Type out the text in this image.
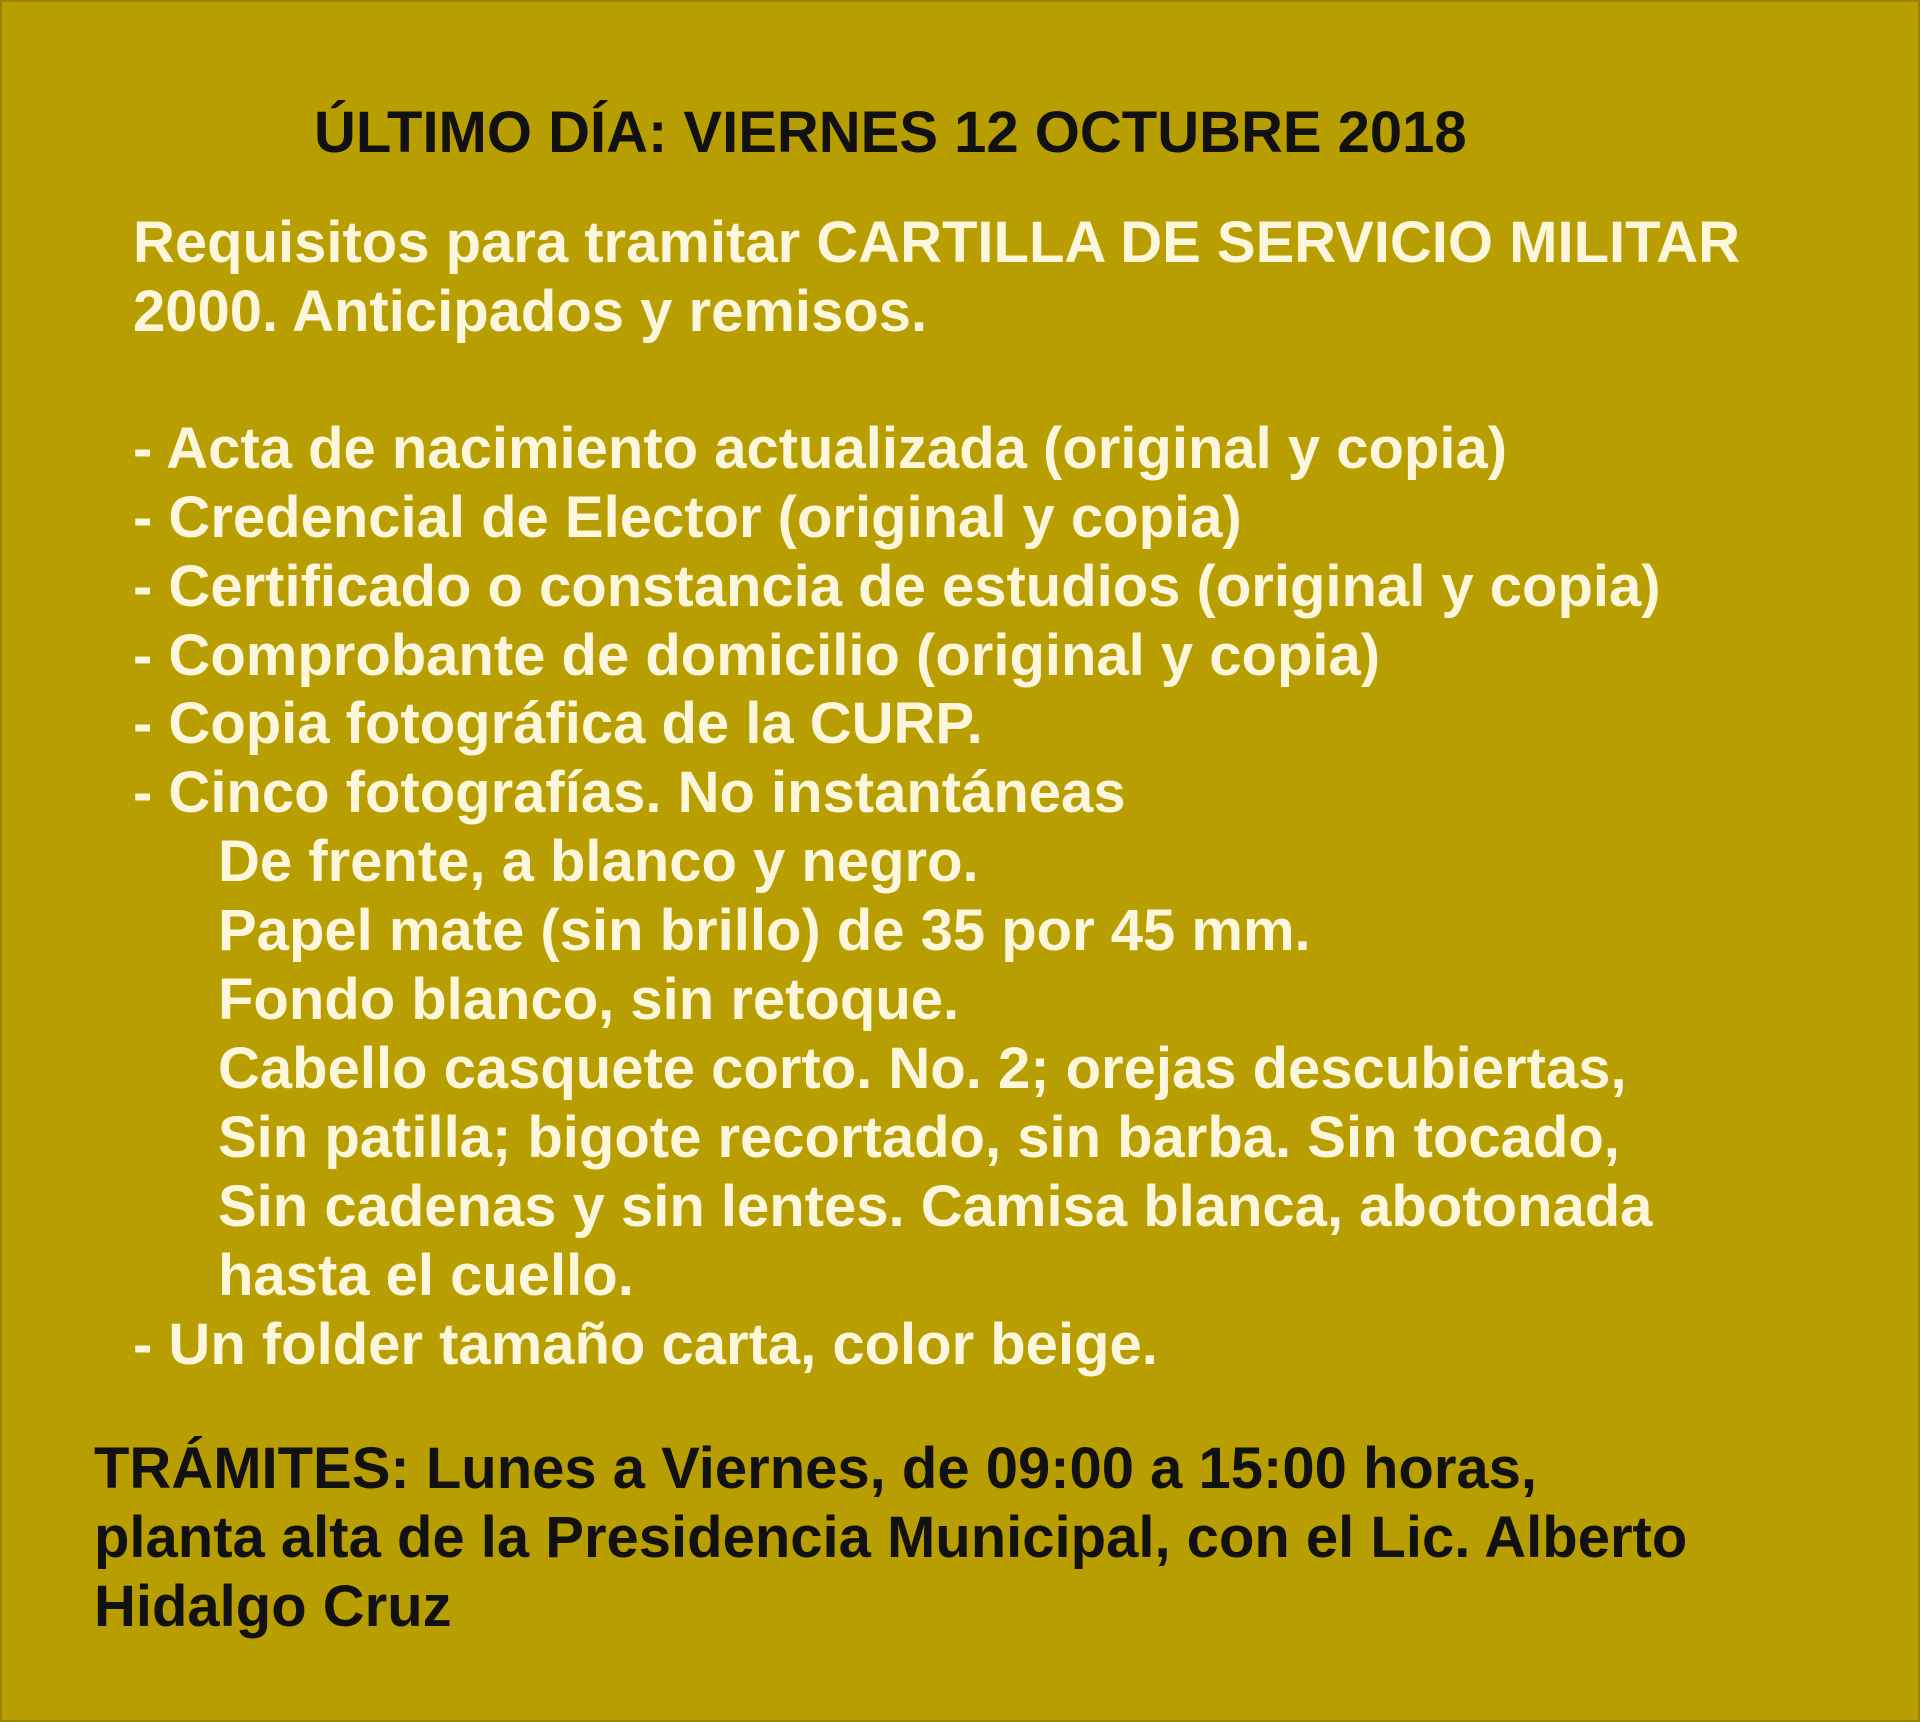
ÚLTIMO DÍA: VIERNES 12 OCTUBRE 2018
Requisitos para tramitar CARTILLA DE SERVICIO MILITAR
2000. Anticipados y remisos.
- Acta de nacimiento actualizada (original y copia)
- Credencial de Elector (original y copia)
- Certificado o constancia de estudios (original y copia)
- Comprobante de domicilio (original y copia)
- Copia fotográfica de la CURP.
- Cinco fotografías. No instantáneas
De frente, a blanco y negro.
Papel mate (sin brillo) de 35 por 45 mm.
Fondo blanco, sin retoque.
Cabello casquete corto. No. 2; orejas descubiertas,
Sin patilla; bigote recortado, sin barba. Sin tocado,
Sin cadenas y sin lentes. Camisa blanca, abotonada
hasta el cuello.
- Un folder tamaño carta, color beige.
TRÁMITES: Lunes a Viernes, de 09:00 a 15:00 horas,
planta alta de la Presidencia Municipal, con el Lic. Alberto
Hidalgo Cruz
